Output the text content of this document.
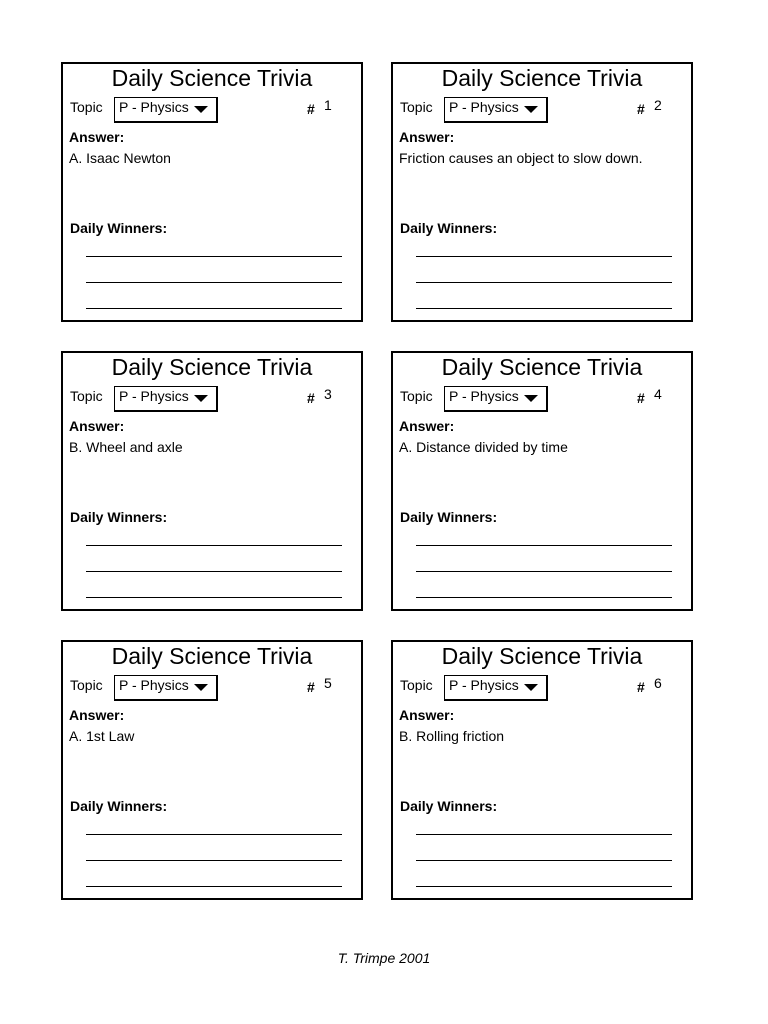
Daily Science Trivia
Topic	P - Physics	# 1
Answer:
A. Isaac Newton
Daily Winners:
Daily Science Trivia
Topic	P - Physics	# 2
Answer:
Friction causes an object to slow down.
Daily Winners:
Daily Science Trivia
Topic	P - Physics	# 3
Answer:
B. Wheel and axle
Daily Winners:
Daily Science Trivia
Topic	P - Physics	# 4
Answer:
A. Distance divided by time
Daily Winners:
Daily Science Trivia
Topic	P - Physics	# 5
Answer:
A. 1st Law
Daily Winners:
Daily Science Trivia
Topic	P - Physics	# 6
Answer:
B. Rolling friction
Daily Winners:
T. Trimpe 2001
